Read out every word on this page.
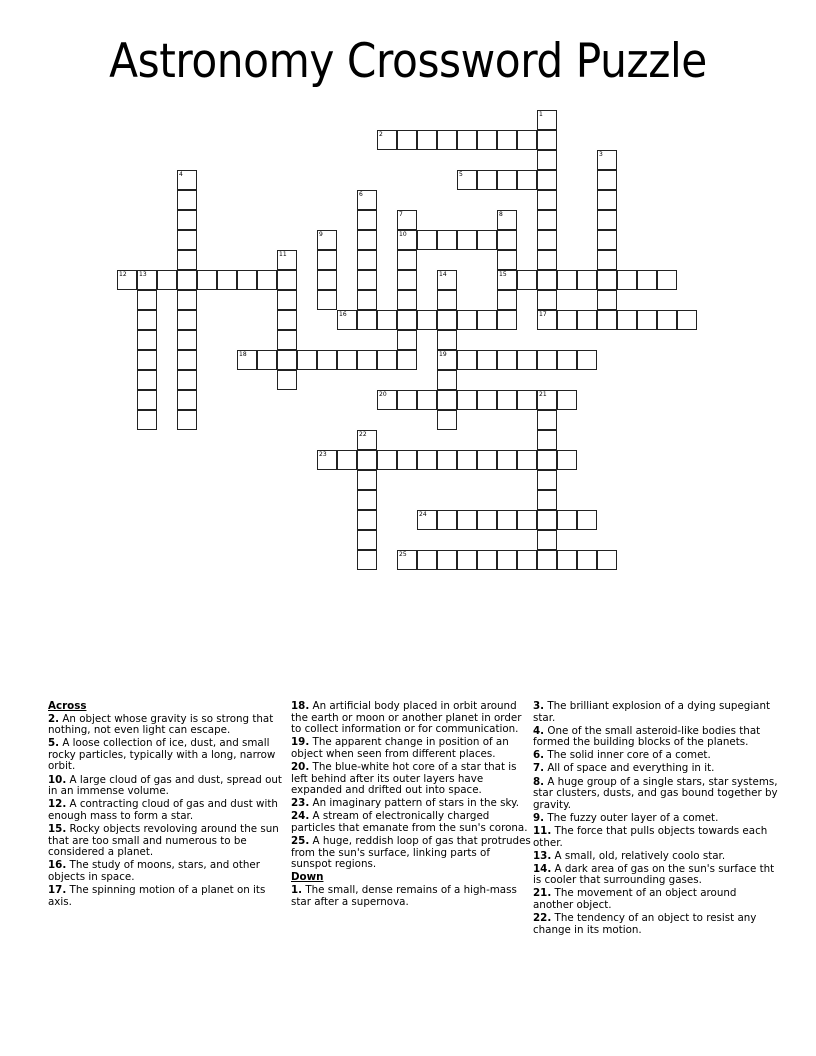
Astronomy Crossword Puzzle
1
17
2
3
4	5
6
7
10
8
15
9
11
12 13	14
19
16
18
20	21
22
23
24
25
Across
2. An object whose gravity is so strong that nothing, not even light can escape.
5. A loose collection of ice, dust, and small rocky particles, typically with a long, narrow orbit.
10. A large cloud of gas and dust, spread out in an immense volume.
12. A contracting cloud of gas and dust with enough mass to form a star.
15. Rocky objects revoloving around the sun that are too small and numerous to be considered a planet.
16. The study of moons, stars, and other objects in space.
17. The spinning motion of a planet on its axis.
18. An artificial body placed in orbit around the earth or moon or another planet in order to collect information or for communication.
19. The apparent change in position of an object when seen from different places.
20. The blue-white hot core of a star that is left behind after its outer layers have expanded and drifted out into space.
23. An imaginary pattern of stars in the sky.
24. A stream of electronically charged particles that emanate from the sun's corona.
25. A huge, reddish loop of gas that protrudes from the sun's surface, linking parts of sunspot regions.
Down
1. The small, dense remains of a high-mass star after a supernova.
3. The brilliant explosion of a dying supegiant star.
4. One of the small asteroid-like bodies that formed the building blocks of the planets.
6. The solid inner core of a comet.
7. All of space and everything in it.
8. A huge group of a single stars, star systems, star clusters, dusts, and gas bound together by gravity.
9. The fuzzy outer layer of a comet.
11. The force that pulls objects towards each other.
13. A small, old, relatively coolo star.
14. A dark area of gas on the sun's surface tht is cooler that surrounding gases.
21. The movement of an object around another object.
22. The tendency of an object to resist any change in its motion.
